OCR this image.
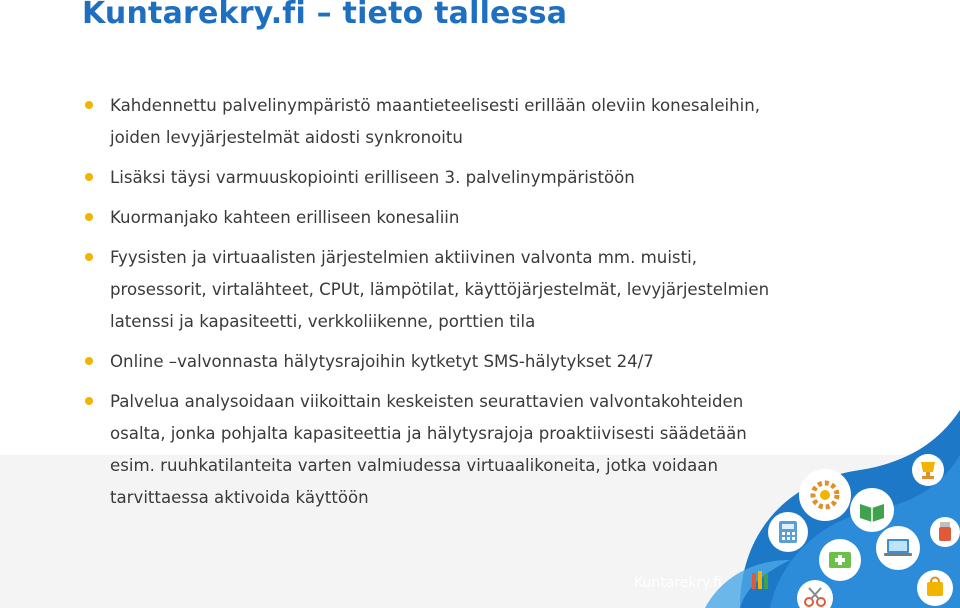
Kuntarekry.fi – tieto tallessa
Kahdennettu palvelinympäristö maantieteelisesti erillään oleviin konesaleihin,
joiden levyjärjestelmät aidosti synkronoitu
Lisäksi täysi varmuuskopiointi erilliseen 3. palvelinympäristöön
Kuormanjako kahteen erilliseen konesaliin
Fyysisten ja virtuaalisten järjestelmien aktiivinen valvonta mm. muisti,
prosessorit, virtalähteet, CPUt, lämpötilat, käyttöjärjestelmät, levyjärjestelmien
latenssi ja kapasiteetti, verkkoliikenne, porttien tila
Online –valvonnasta hälytysrajoihin kytketyt SMS-hälytykset 24/7
Palvelua analysoidaan viikoittain keskeisten seurattavien valvontakohteiden
osalta, jonka pohjalta kapasiteettia ja hälytysrajoja proaktiivisesti säädetään
esim. ruuhkatilanteita varten valmiudessa virtuaalikoneita, jotka voidaan
tarvittaessa aktivoida käyttöön
Kuntarekry.fi
